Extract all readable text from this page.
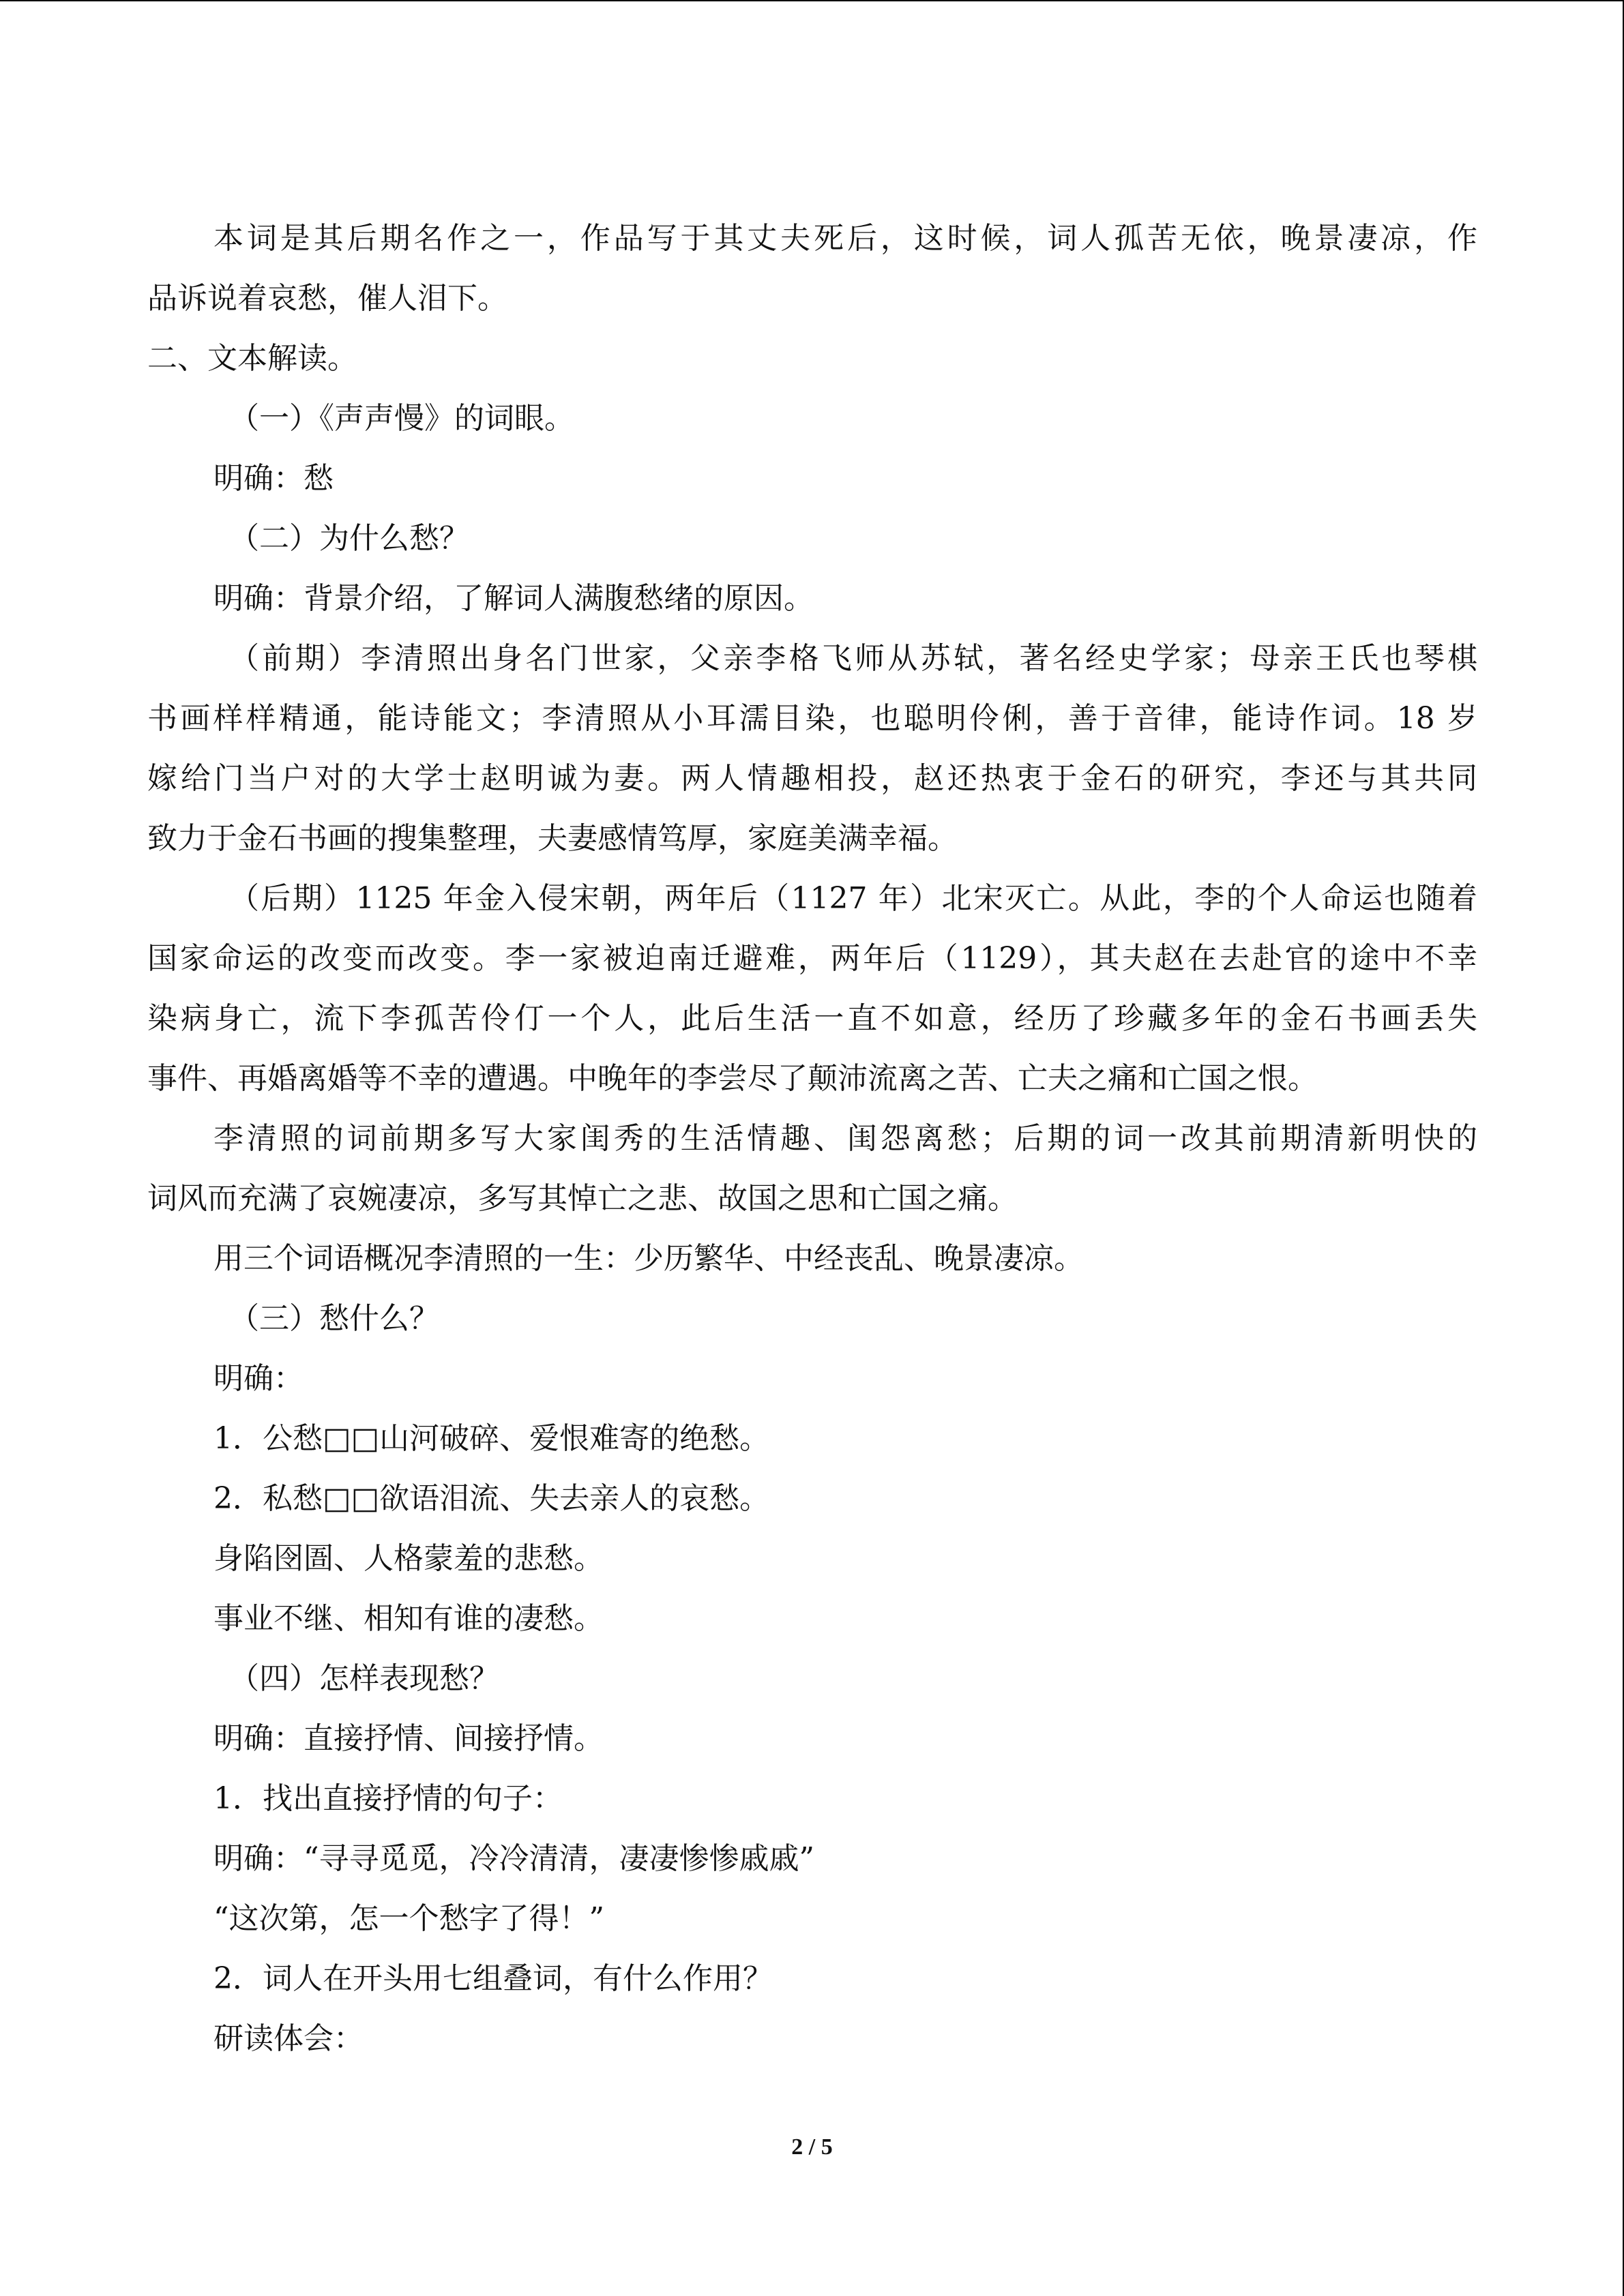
本词是其后期名作之一，作品写于其丈夫死后，这时候，词人孤苦无依，晚景凄凉，作
品诉说着哀愁，催人泪下。
二、文本解读。
（一）《声声慢》的词眼。
明确：愁
（二）为什么愁？
明确：背景介绍，了解词人满腹愁绪的原因。
（前期）李清照出身名门世家，父亲李格飞师从苏轼，著名经史学家；母亲王氏也琴棋
书画样样精通，能诗能文；李清照从小耳濡目染，也聪明伶俐，善于音律，能诗作词。18 岁
嫁给门当户对的大学士赵明诚为妻。两人情趣相投，赵还热衷于金石的研究，李还与其共同
致力于金石书画的搜集整理，夫妻感情笃厚，家庭美满幸福。
（后期）1125 年金入侵宋朝，两年后（1127 年）北宋灭亡。从此，李的个人命运也随着
国家命运的改变而改变。李一家被迫南迁避难，两年后（1129），其夫赵在去赴官的途中不幸
染病身亡，流下李孤苦伶仃一个人，此后生活一直不如意，经历了珍藏多年的金石书画丢失
事件、再婚离婚等不幸的遭遇。中晚年的李尝尽了颠沛流离之苦、亡夫之痛和亡国之恨。
李清照的词前期多写大家闺秀的生活情趣、闺怨离愁；后期的词一改其前期清新明快的
词风而充满了哀婉凄凉，多写其悼亡之悲、故国之思和亡国之痛。
用三个词语概况李清照的一生：少历繁华、中经丧乱、晚景凄凉。
（三）愁什么？
明确：
1．公愁□□山河破碎、爱恨难寄的绝愁。
2．私愁□□欲语泪流、失去亲人的哀愁。
身陷囹圄、人格蒙羞的悲愁。
事业不继、相知有谁的凄愁。
（四）怎样表现愁？
明确：直接抒情、间接抒情。
1．找出直接抒情的句子：
明确：“寻寻觅觅，冷冷清清，凄凄惨惨戚戚”
“这次第，怎一个愁字了得！”
2．词人在开头用七组叠词，有什么作用？
研读体会：
2 / 5
